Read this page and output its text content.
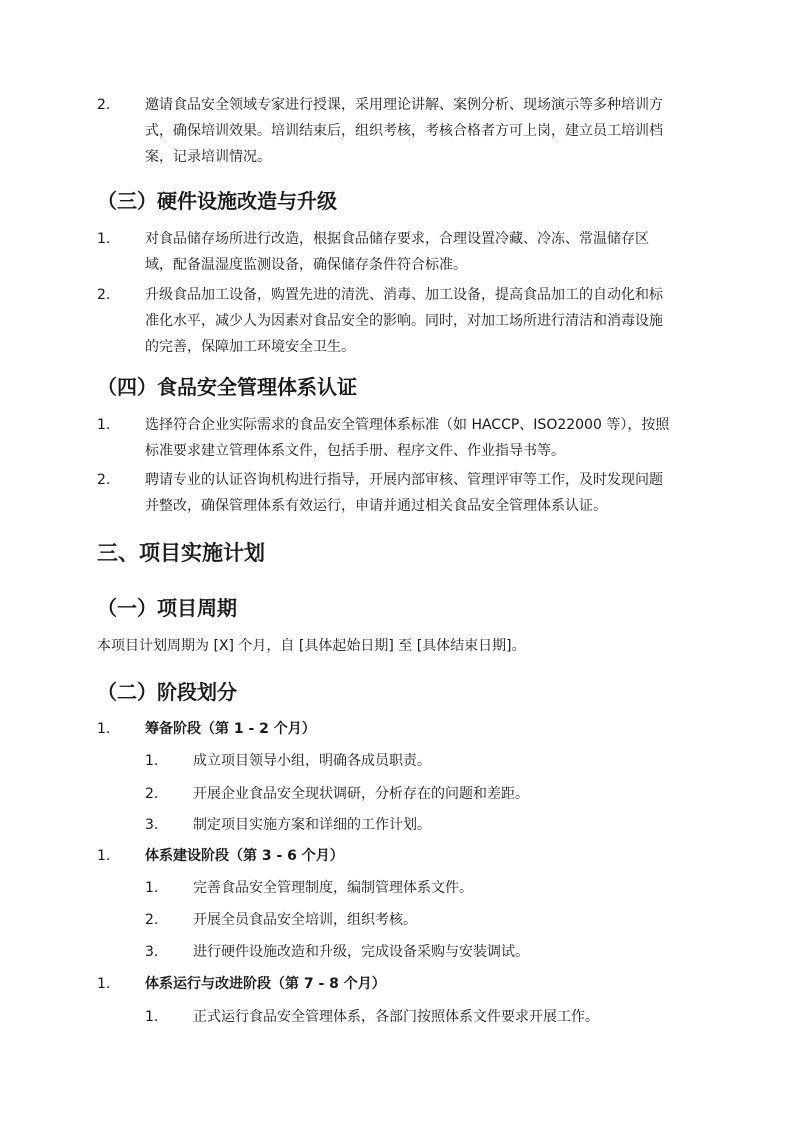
2. 邀请食品安全领域专家进行授课，采用理论讲解、案例分析、现场演示等多种培训方
式，确保培训效果。培训结束后，组织考核，考核合格者方可上岗，建立员工培训档
案，记录培训情况。
（三）硬件设施改造与升级
1. 对食品储存场所进行改造，根据食品储存要求，合理设置冷藏、冷冻、常温储存区
域，配备温湿度监测设备，确保储存条件符合标准。
2. 升级食品加工设备，购置先进的清洗、消毒、加工设备，提高食品加工的自动化和标
准化水平，减少人为因素对食品安全的影响。同时，对加工场所进行清洁和消毒设施
的完善，保障加工环境安全卫生。
（四）食品安全管理体系认证
1. 选择符合企业实际需求的食品安全管理体系标准（如 HACCP、ISO22000 等），按照
标准要求建立管理体系文件，包括手册、程序文件、作业指导书等。
2. 聘请专业的认证咨询机构进行指导，开展内部审核、管理评审等工作，及时发现问题
并整改，确保管理体系有效运行，申请并通过相关食品安全管理体系认证。
三、项目实施计划
（一）项目周期
本项目计划周期为 [X] 个月，自 [具体起始日期] 至 [具体结束日期]。
（二）阶段划分
1. 筹备阶段（第 1 - 2 个月）
1. 成立项目领导小组，明确各成员职责。
2. 开展企业食品安全现状调研，分析存在的问题和差距。
3. 制定项目实施方案和详细的工作计划。
1. 体系建设阶段（第 3 - 6 个月）
1. 完善食品安全管理制度，编制管理体系文件。
2. 开展全员食品安全培训，组织考核。
3. 进行硬件设施改造和升级，完成设备采购与安装调试。
1. 体系运行与改进阶段（第 7 - 8 个月）
1. 正式运行食品安全管理体系，各部门按照体系文件要求开展工作。
